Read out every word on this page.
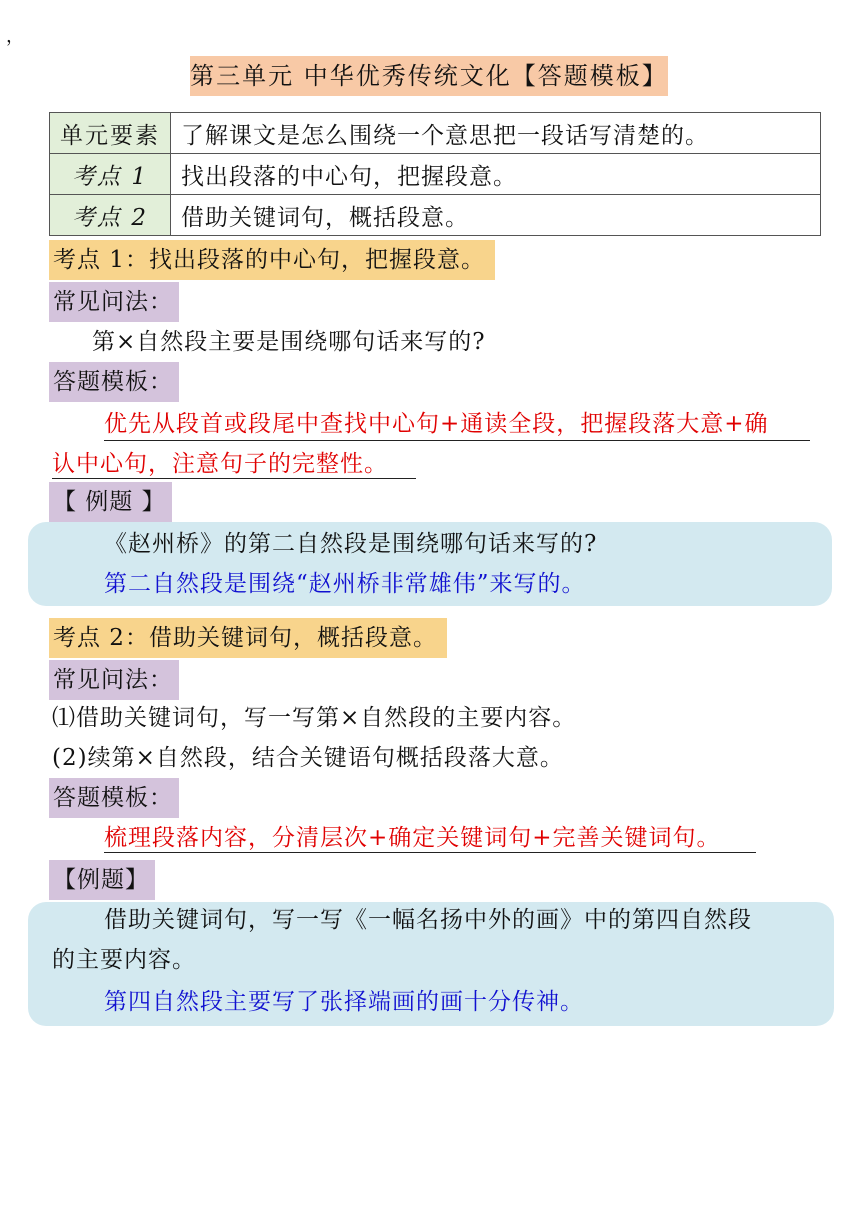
，
第三单元 中华优秀传统文化【答题模板】
单元要素	了解课文是怎么围绕一个意思把一段话写清楚的。
考点 1	找出段落的中心句，把握段意。
考点 2	借助关键词句，概括段意。
考点 1：找出段落的中心句，把握段意。
常见问法：
第×自然段主要是围绕哪句话来写的?
答题模板：
优先从段首或段尾中查找中心句+通读全段，把握段落大意+确
认中心句，注意句子的完整性。
【 例题 】
《赵州桥》的第二自然段是围绕哪句话来写的?
第二自然段是围绕“赵州桥非常雄伟”来写的。
考点 2：借助关键词句，概括段意。
常见问法：
⑴借助关键词句，写一写第×自然段的主要内容。
(2)续第×自然段，结合关键语句概括段落大意。
答题模板：
梳理段落内容，分清层次+确定关键词句+完善关键词句。
【例题】
借助关键词句，写一写《一幅名扬中外的画》中的第四自然段
的主要内容。
第四自然段主要写了张择端画的画十分传神。
